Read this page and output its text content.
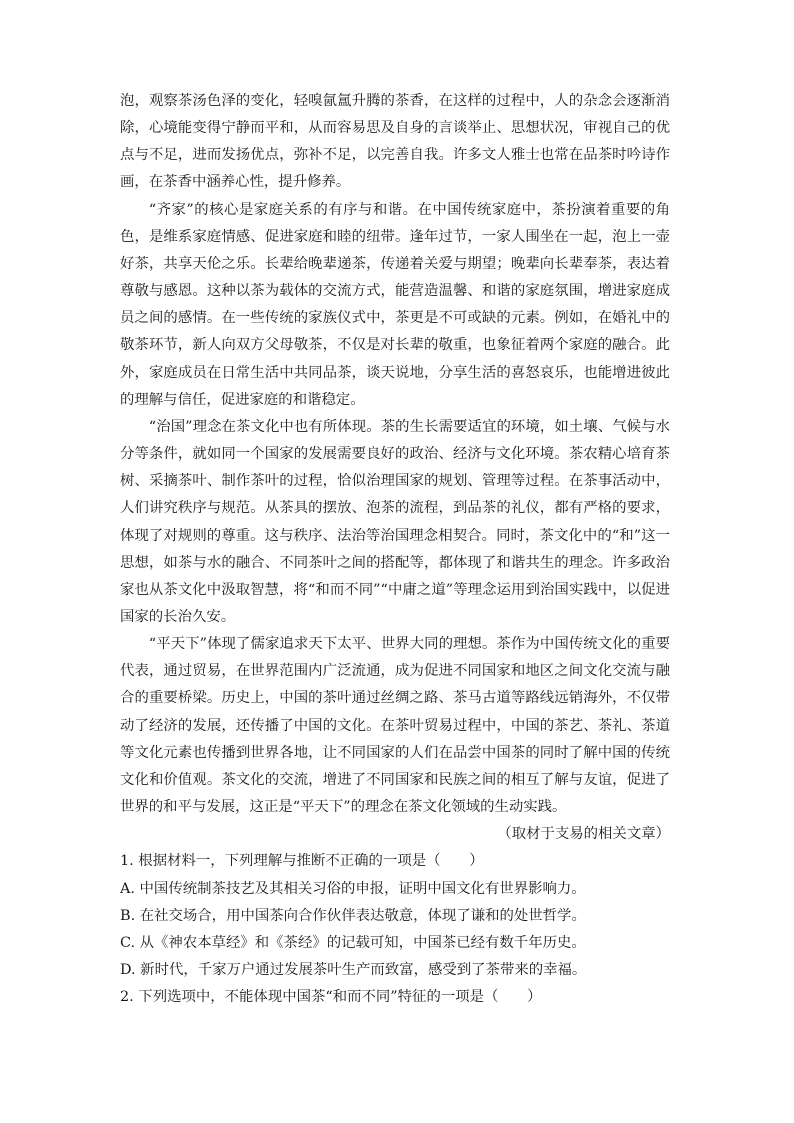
泡，观察茶汤色泽的变化，轻嗅氤氲升腾的茶香，在这样的过程中，人的杂念会逐渐消除，心境能变得宁静而平和，从而容易思及自身的言谈举止、思想状况，审视自己的优点与不足，进而发扬优点，弥补不足，以完善自我。许多文人雅士也常在品茶时吟诗作画，在茶香中涵养心性，提升修养。

“齐家”的核心是家庭关系的有序与和谐。在中国传统家庭中，茶扮演着重要的角色，是维系家庭情感、促进家庭和睦的纽带。逢年过节，一家人围坐在一起，泡上一壶好茶，共享天伦之乐。长辈给晚辈递茶，传递着关爱与期望；晚辈向长辈奉茶，表达着尊敬与感恩。这种以茶为载体的交流方式，能营造温馨、和谐的家庭氛围，增进家庭成员之间的感情。在一些传统的家族仪式中，茶更是不可或缺的元素。例如，在婚礼中的敬茶环节，新人向双方父母敬茶，不仅是对长辈的敬重，也象征着两个家庭的融合。此外，家庭成员在日常生活中共同品茶，谈天说地，分享生活的喜怒哀乐，也能增进彼此的理解与信任，促进家庭的和谐稳定。

“治国”理念在茶文化中也有所体现。茶的生长需要适宜的环境，如土壤、气候与水分等条件，就如同一个国家的发展需要良好的政治、经济与文化环境。茶农精心培育茶树、采摘茶叶、制作茶叶的过程，恰似治理国家的规划、管理等过程。在茶事活动中，人们讲究秩序与规范。从茶具的摆放、泡茶的流程，到品茶的礼仪，都有严格的要求，体现了对规则的尊重。这与秩序、法治等治国理念相契合。同时，茶文化中的“和”这一思想，如茶与水的融合、不同茶叶之间的搭配等，都体现了和谐共生的理念。许多政治家也从茶文化中汲取智慧，将“和而不同”“中庸之道”等理念运用到治国实践中，以促进国家的长治久安。

“平天下”体现了儒家追求天下太平、世界大同的理想。茶作为中国传统文化的重要代表，通过贸易，在世界范围内广泛流通，成为促进不同国家和地区之间文化交流与融合的重要桥梁。历史上，中国的茶叶通过丝绸之路、茶马古道等路线远销海外，不仅带动了经济的发展，还传播了中国的文化。在茶叶贸易过程中，中国的茶艺、茶礼、茶道等文化元素也传播到世界各地，让不同国家的人们在品尝中国茶的同时了解中国的传统文化和价值观。茶文化的交流，增进了不同国家和民族之间的相互了解与友谊，促进了世界的和平与发展，这正是“平天下”的理念在茶文化领域的生动实践。

（取材于支易的相关文章）

1. 根据材料一，下列理解与推断不正确的一项是（　　）

A. 中国传统制茶技艺及其相关习俗的申报，证明中国文化有世界影响力。

B. 在社交场合，用中国茶向合作伙伴表达敬意，体现了谦和的处世哲学。

C. 从《神农本草经》和《茶经》的记载可知，中国茶已经有数千年历史。

D. 新时代，千家万户通过发展茶叶生产而致富，感受到了茶带来的幸福。

2. 下列选项中，不能体现中国茶“和而不同”特征的一项是（　　）
